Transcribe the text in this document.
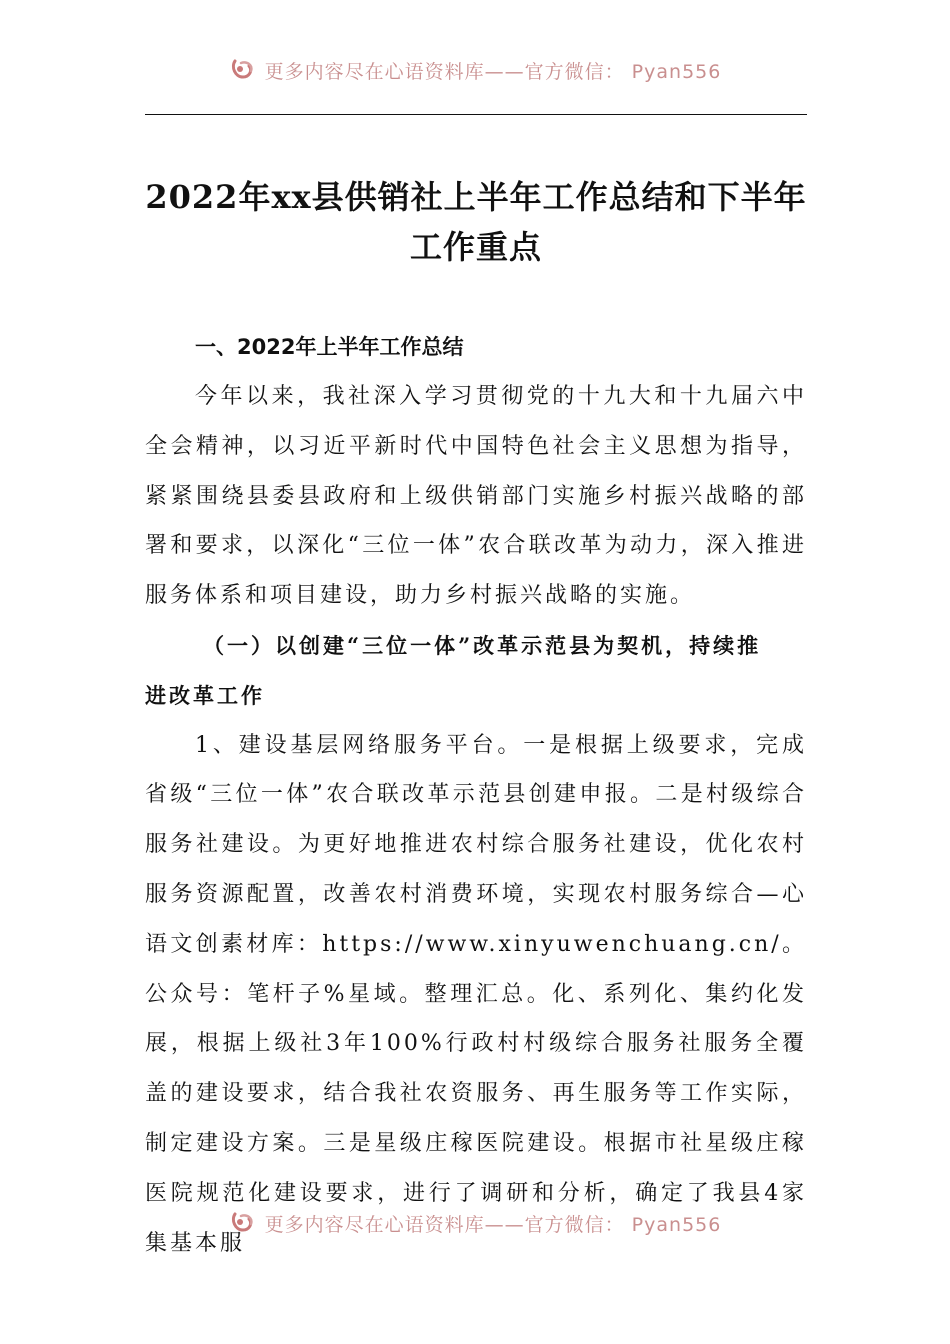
更多内容尽在心语资料库——官方微信： Pyan556
2022年xx县供销社上半年工作总结和下半年工作重点

一、2022年上半年工作总结

今年以来，我社深入学习贯彻党的十九大和十九届六中全会精神，以习近平新时代中国特色社会主义思想为指导，紧紧围绕县委县政府和上级供销部门实施乡村振兴战略的部署和要求，以深化“三位一体”农合联改革为动力，深入推进服务体系和项目建设，助力乡村振兴战略的实施。

（一）以创建“三位一体”改革示范县为契机，持续推进改革工作

1、建设基层网络服务平台。一是根据上级要求，完成省级“三位一体”农合联改革示范县创建申报。二是村级综合服务社建设。为更好地推进农村综合服务社建设，优化农村服务资源配置，改善农村消费环境，实现农村服务综合—心语文创素材库：https://www.xinyuwenchuang.cn/。公众号：笔杆子%星域。整理汇总。化、系列化、集约化发展，根据上级社3年100%行政村村级综合服务社服务全覆盖的建设要求，结合我社农资服务、再生服务等工作实际，制定建设方案。三是星级庄稼医院建设。根据市社星级庄稼医院规范化建设要求，进行了调研和分析，确定了我县4家集基本服

更多内容尽在心语资料库——官方微信： Pyan556
